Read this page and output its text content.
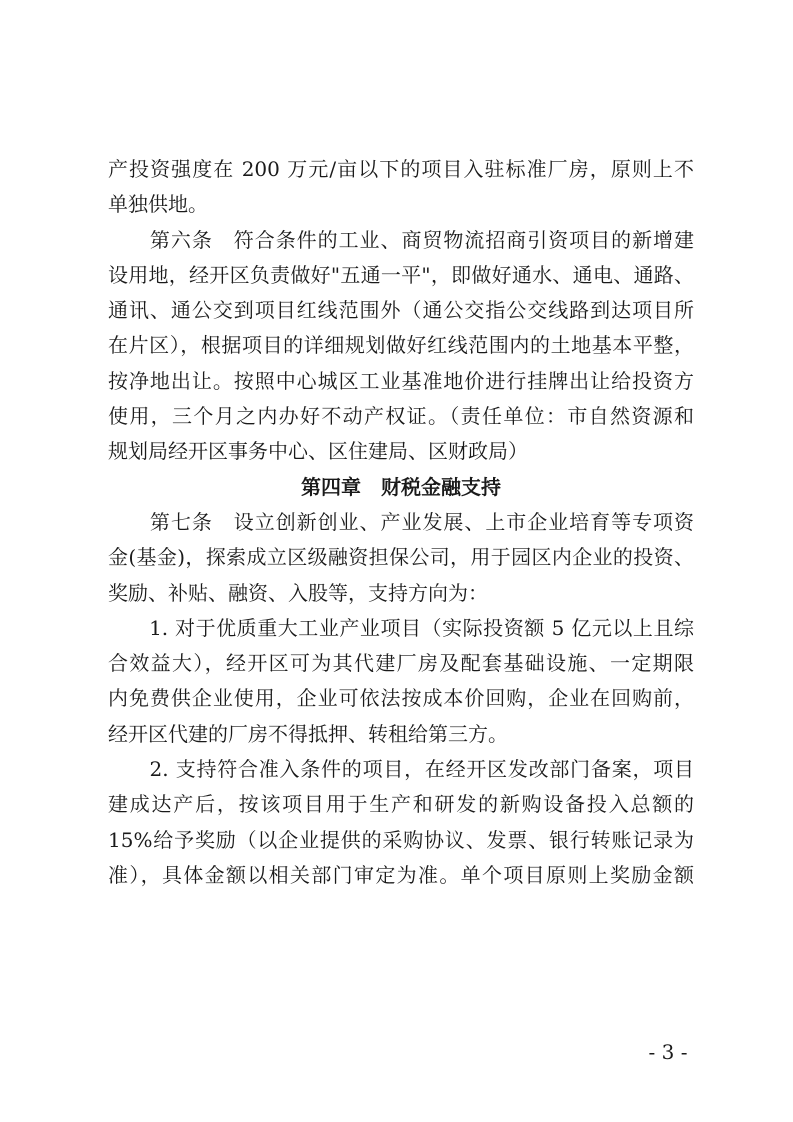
产投资强度在 200 万元/亩以下的项目入驻标准厂房，原则上不
单独供地。
　　第六条　符合条件的工业、商贸物流招商引资项目的新增建
设用地，经开区负责做好"五通一平"，即做好通水、通电、通路、
通讯、通公交到项目红线范围外（通公交指公交线路到达项目所
在片区），根据项目的详细规划做好红线范围内的土地基本平整，
按净地出让。按照中心城区工业基准地价进行挂牌出让给投资方
使用，三个月之内办好不动产权证。（责任单位：市自然资源和
规划局经开区事务中心、区住建局、区财政局）
第四章　财税金融支持
　　第七条　设立创新创业、产业发展、上市企业培育等专项资
金(基金)，探索成立区级融资担保公司，用于园区内企业的投资、
奖励、补贴、融资、入股等，支持方向为：
　　1. 对于优质重大工业产业项目（实际投资额 5 亿元以上且综
合效益大），经开区可为其代建厂房及配套基础设施、一定期限
内免费供企业使用，企业可依法按成本价回购，企业在回购前，
经开区代建的厂房不得抵押、转租给第三方。
　　2. 支持符合准入条件的项目，在经开区发改部门备案，项目
建成达产后，按该项目用于生产和研发的新购设备投入总额的
15%给予奖励（以企业提供的采购协议、发票、银行转账记录为
准），具体金额以相关部门审定为准。单个项目原则上奖励金额
- 3 -
